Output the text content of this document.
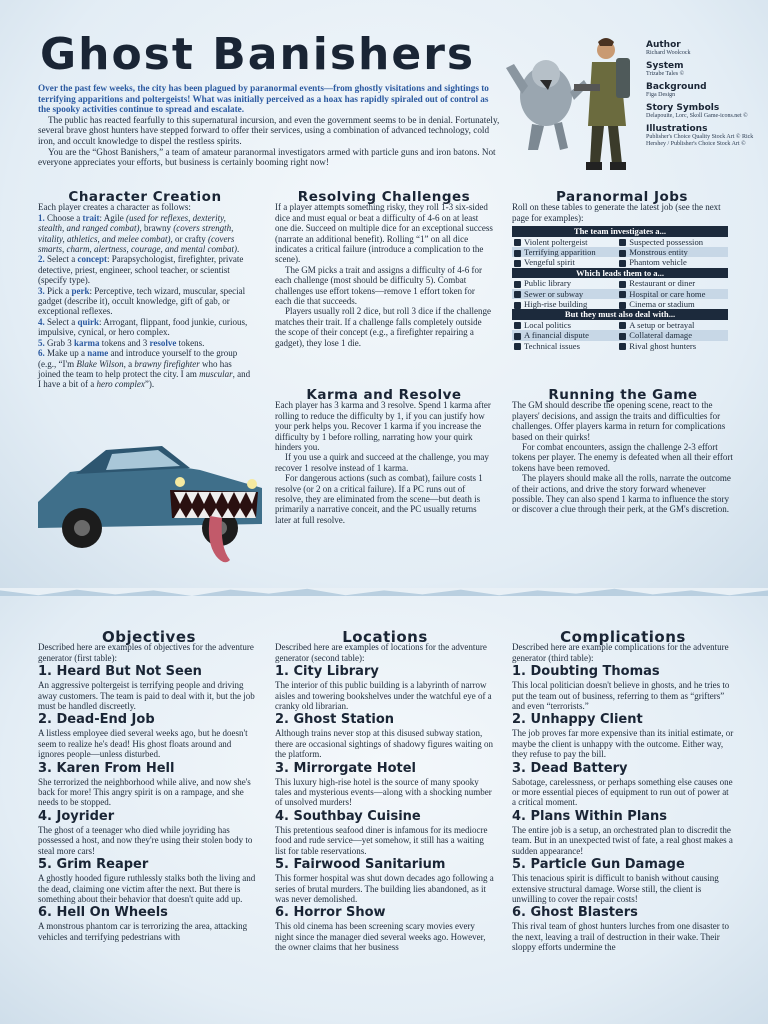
Ghost Banishers

Over the past few weeks, the city has been plagued by paranormal events—from ghostly visitations and sightings to terrifying apparitions and poltergeists! What was initially perceived as a hoax has rapidly spiraled out of control as the spooky activities continue to spread and escalate.

The public has reacted fearfully to this supernatural incursion, and even the government seems to be in denial. Fortunately, several brave ghost hunters have stepped forward to offer their services, using a combination of advanced technology, cold iron, and occult knowledge to dispel the restless spirits.

You are the “Ghost Banishers,” a team of amateur paranormal investigators armed with particle guns and iron batons. Not everyone appreciates your efforts, but business is certainly booming right now!

Author
Richard Woolcock
System
Trizabe Tales ©
Background
Figa Design
Story Symbols
Delapouite, Lorc, Skoll Game-icons.net ©
Illustrations
Publisher's Choice Quality Stock Art © Rick Hershey / Publisher's Choice Stock Art ©
Character Creation

Each player creates a character as follows:

1. Choose a trait: Agile (used for reflexes, dexterity, stealth, and ranged combat), brawny (covers strength, vitality, athletics, and melee combat), or crafty (covers smarts, charm, alertness, courage, and mental combat).

2. Select a concept: Parapsychologist, firefighter, private detective, priest, engineer, school teacher, or scientist (specify type).

3. Pick a perk: Perceptive, tech wizard, muscular, special gadget (describe it), occult knowledge, gift of gab, or exceptional reflexes.

4. Select a quirk: Arrogant, flippant, food junkie, curious, impulsive, cynical, or hero complex.

5. Grab 3 karma tokens and 3 resolve tokens.

6. Make up a name and introduce yourself to the group (e.g., “I'm Blake Wilson, a brawny firefighter who has joined the team to help protect the city. I am muscular, and I have a bit of a hero complex”).

Resolving Challenges

If a player attempts something risky, they roll 1-3 six-sided dice and must equal or beat a difficulty of 4-6 on at least one die. Succeed on multiple dice for an exceptional success (narrate an additional benefit). Rolling “1” on all dice indicates a critical failure (introduce a complication to the scene).

The GM picks a trait and assigns a difficulty of 4-6 for each challenge (most should be difficulty 5). Combat challenges use effort tokens—remove 1 effort token for each die that succeeds.

Players usually roll 2 dice, but roll 3 dice if the challenge matches their trait. If a challenge falls completely outside the scope of their concept (e.g., a firefighter repairing a gadget), they lose 1 die.

Karma and Resolve

Each player has 3 karma and 3 resolve. Spend 1 karma after rolling to reduce the difficulty by 1, if you can justify how your perk helps you. Recover 1 karma if you increase the difficulty by 1 before rolling, narrating how your quirk hinders you.

If you use a quirk and succeed at the challenge, you may recover 1 resolve instead of 1 karma.

For dangerous actions (such as combat), failure costs 1 resolve (or 2 on a critical failure). If a PC runs out of resolve, they are eliminated from the scene—but death is primarily a narrative conceit, and the PC usually returns later at full resolve.

Paranormal Jobs

Roll on these tables to generate the latest job (see the next page for examples):

The team investigates a...	
Violent poltergeist	Suspected possession
Terrifying apparition	Monstrous entity
Vengeful spirit	Phantom vehicle
Which leads them to a...	
Public library	Restaurant or diner
Sewer or subway	Hospital or care home
High-rise building	Cinema or stadium
But they must also deal with...	
Local politics	A setup or betrayal
A financial dispute	Collateral damage
Technical issues	Rival ghost hunters
Running the Game

The GM should describe the opening scene, react to the players' decisions, and assign the traits and difficulties for challenges. Offer players karma in return for complications based on their quirks!

For combat encounters, assign the challenge 2-3 effort tokens per player. The enemy is defeated when all their effort tokens have been removed.

The players should make all the rolls, narrate the outcome of their actions, and drive the story forward whenever possible. They can also spend 1 karma to influence the story or discover a clue through their perk, at the GM's discretion.

Objectives

Described here are examples of objectives for the adventure generator (first table):

1. Heard But Not Seen

An aggressive poltergeist is terrifying people and driving away customers. The team is paid to deal with it, but the job must be handled discreetly.

2. Dead-End Job

A listless employee died several weeks ago, but he doesn't seem to realize he's dead! His ghost floats around and ignores people—unless disturbed.

3. Karen From Hell

She terrorized the neighborhood while alive, and now she's back for more! This angry spirit is on a rampage, and she needs to be stopped.

4. Joyrider

The ghost of a teenager who died while joyriding has possessed a host, and now they're using their stolen body to steal more cars!

5. Grim Reaper

A ghostly hooded figure ruthlessly stalks both the living and the dead, claiming one victim after the next. But there is something about their behavior that doesn't quite add up.

6. Hell On Wheels

A monstrous phantom car is terrorizing the area, attacking vehicles and terrifying pedestrians with

Locations

Described here are examples of locations for the adventure generator (second table):

1. City Library

The interior of this public building is a labyrinth of narrow aisles and towering bookshelves under the watchful eye of a cranky old librarian.

2. Ghost Station

Although trains never stop at this disused subway station, there are occasional sightings of shadowy figures waiting on the platform.

3. Mirrorgate Hotel

This luxury high-rise hotel is the source of many spooky tales and mysterious events—along with a shocking number of unsolved murders!

4. Southbay Cuisine

This pretentious seafood diner is infamous for its mediocre food and rude service—yet somehow, it still has a waiting list for table reservations.

5. Fairwood Sanitarium

This former hospital was shut down decades ago following a series of brutal murders. The building lies abandoned, as it was never demolished.

6. Horror Show

This old cinema has been screening scary movies every night since the manager died several weeks ago. However, the owner claims that her business

Complications

Described here are example complications for the adventure generator (third table):

1. Doubting Thomas

This local politician doesn't believe in ghosts, and he tries to put the team out of business, referring to them as “grifters” and even “terrorists.”

2. Unhappy Client

The job proves far more expensive than its initial estimate, or maybe the client is unhappy with the outcome. Either way, they refuse to pay the bill.

3. Dead Battery

Sabotage, carelessness, or perhaps something else causes one or more essential pieces of equipment to run out of power at a critical moment.

4. Plans Within Plans

The entire job is a setup, an orchestrated plan to discredit the team. But in an unexpected twist of fate, a real ghost makes a sudden appearance!

5. Particle Gun Damage

This tenacious spirit is difficult to banish without causing extensive structural damage. Worse still, the client is unwilling to cover the repair costs!

6. Ghost Blasters

This rival team of ghost hunters lurches from one disaster to the next, leaving a trail of destruction in their wake. Their sloppy efforts undermine the
